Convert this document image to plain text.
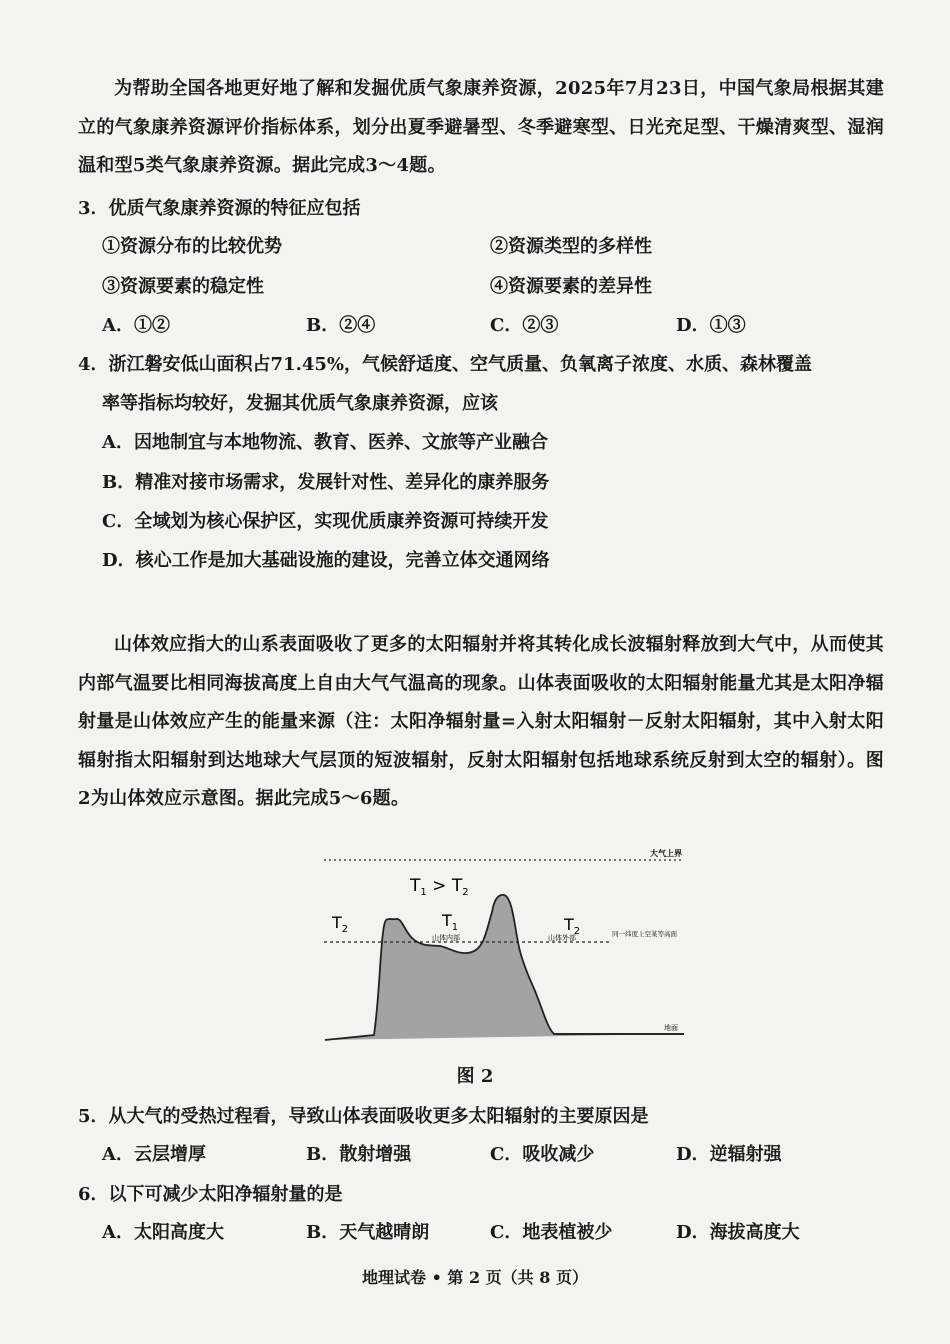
为帮助全国各地更好地了解和发掘优质气象康养资源，2025年7月23日，中国气象局根据其建立的气象康养资源评价指标体系，划分出夏季避暑型、冬季避寒型、日光充足型、干燥清爽型、湿润温和型5类气象康养资源。据此完成3～4题。
3．优质气象康养资源的特征应包括
①资源分布的比较优势	②资源类型的多样性
③资源要素的稳定性	④资源要素的差异性
A．①②	B．②④	C．②③	D．①③
4．浙江磐安低山面积占71.45%，气候舒适度、空气质量、负氧离子浓度、水质、森林覆盖
率等指标均较好，发掘其优质气象康养资源，应该
A．因地制宜与本地物流、教育、医养、文旅等产业融合
B．精准对接市场需求，发展针对性、差异化的康养服务
C．全域划为核心保护区，实现优质康养资源可持续开发
D．核心工作是加大基础设施的建设，完善立体交通网络
山体效应指大的山系表面吸收了更多的太阳辐射并将其转化成长波辐射释放到大气中，从而使其内部气温要比相同海拔高度上自由大气气温高的现象。山体表面吸收的太阳辐射能量尤其是太阳净辐射量是山体效应产生的能量来源（注：太阳净辐射量=入射太阳辐射－反射太阳辐射，其中入射太阳辐射指太阳辐射到达地球大气层顶的短波辐射，反射太阳辐射包括地球系统反射到太空的辐射）。图2为山体效应示意图。据此完成5～6题。
大气上界
$T_1 > T_2$
$T_2$	$T_1$	$T_2$
山体内部	山体外部	同一纬度上空某等高面
地面
图 2
5．从大气的受热过程看，导致山体表面吸收更多太阳辐射的主要原因是
A．云层增厚	B．散射增强	C．吸收减少	D．逆辐射强
6．以下可减少太阳净辐射量的是
A．太阳高度大	B．天气越晴朗	C．地表植被少	D．海拔高度大
地理试卷 • 第 2 页（共 8 页）
